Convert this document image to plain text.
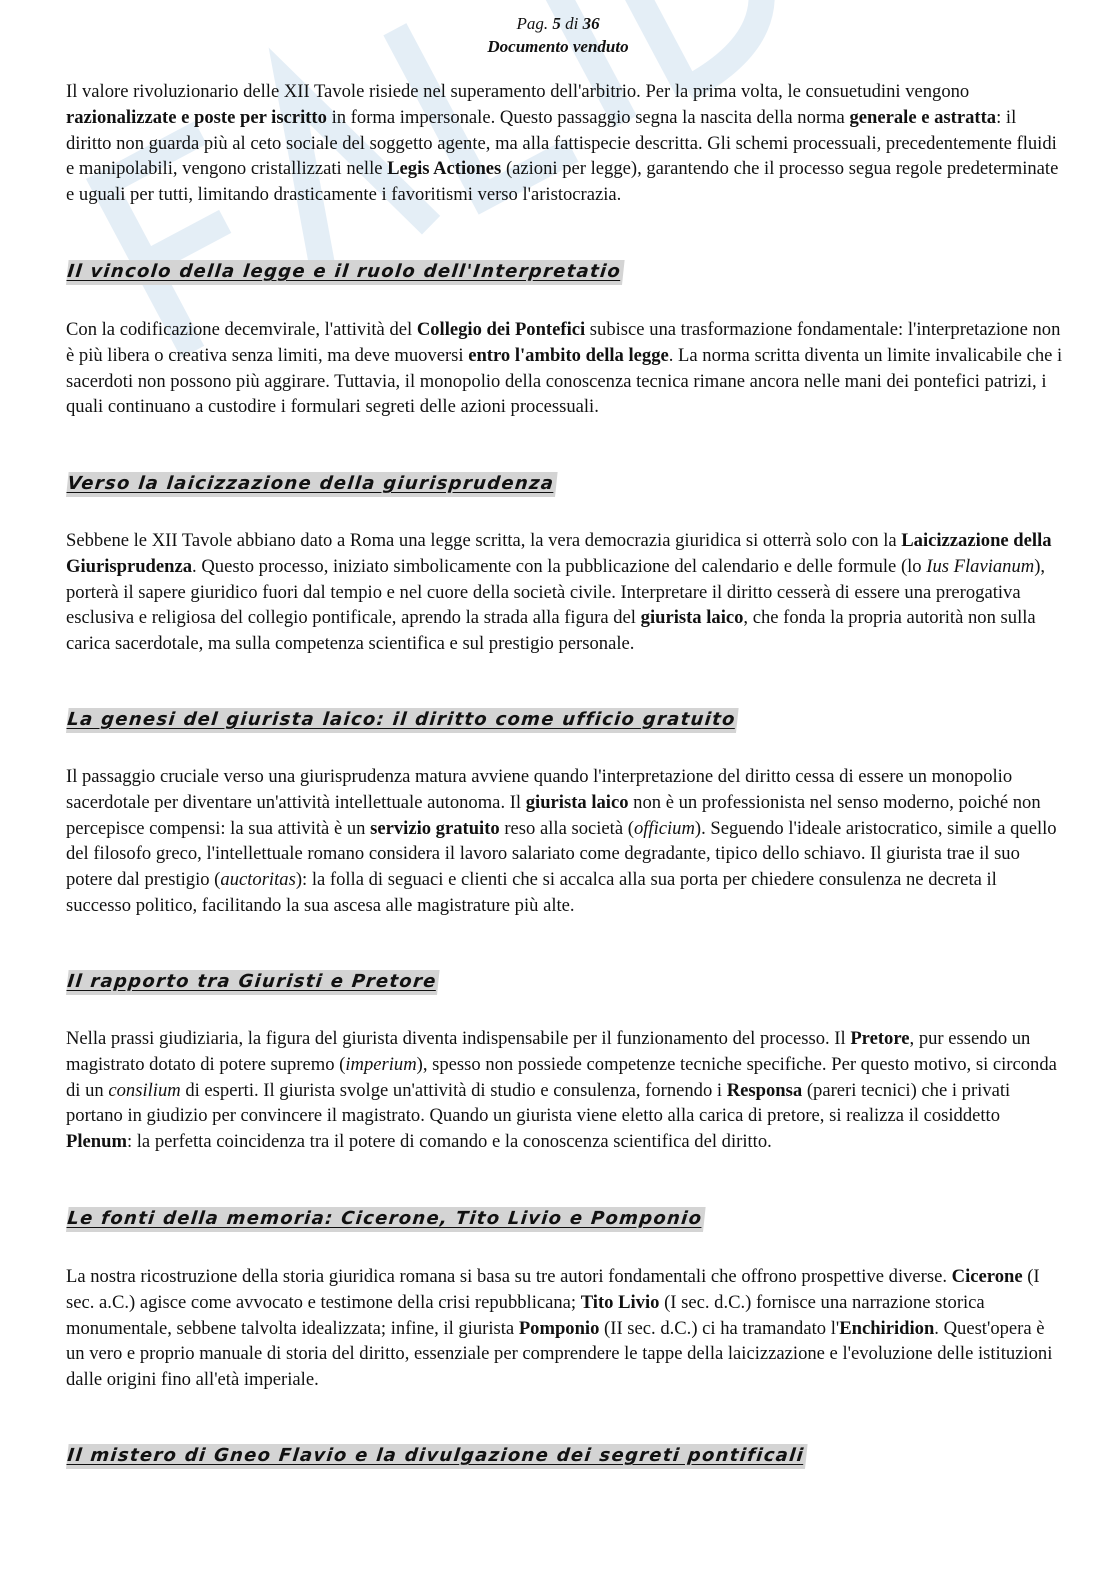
Pag. 5 di 36
Documento venduto

Il valore rivoluzionario delle XII Tavole risiede nel superamento dell'arbitrio. Per la prima volta, le consuetudini vengono razionalizzate e poste per iscritto in forma impersonale. Questo passaggio segna la nascita della norma generale e astratta: il diritto non guarda più al ceto sociale del soggetto agente, ma alla fattispecie descritta. Gli schemi processuali, precedentemente fluidi e manipolabili, vengono cristallizzati nelle Legis Actiones (azioni per legge), garantendo che il processo segua regole predeterminate e uguali per tutti, limitando drasticamente i favoritismi verso l'aristocrazia.

Il vincolo della legge e il ruolo dell'Interpretatio

Con la codificazione decemvirale, l'attività del Collegio dei Pontefici subisce una trasformazione fondamentale: l'interpretazione non è più libera o creativa senza limiti, ma deve muoversi entro l'ambito della legge. La norma scritta diventa un limite invalicabile che i sacerdoti non possono più aggirare. Tuttavia, il monopolio della conoscenza tecnica rimane ancora nelle mani dei pontefici patrizi, i quali continuano a custodire i formulari segreti delle azioni processuali.

Verso la laicizzazione della giurisprudenza

Sebbene le XII Tavole abbiano dato a Roma una legge scritta, la vera democrazia giuridica si otterrà solo con la Laicizzazione della Giurisprudenza. Questo processo, iniziato simbolicamente con la pubblicazione del calendario e delle formule (lo Ius Flavianum), porterà il sapere giuridico fuori dal tempio e nel cuore della società civile. Interpretare il diritto cesserà di essere una prerogativa esclusiva e religiosa del collegio pontificale, aprendo la strada alla figura del giurista laico, che fonda la propria autorità non sulla carica sacerdotale, ma sulla competenza scientifica e sul prestigio personale.

La genesi del giurista laico: il diritto come ufficio gratuito

Il passaggio cruciale verso una giurisprudenza matura avviene quando l'interpretazione del diritto cessa di essere un monopolio sacerdotale per diventare un'attività intellettuale autonoma. Il giurista laico non è un professionista nel senso moderno, poiché non percepisce compensi: la sua attività è un servizio gratuito reso alla società (officium). Seguendo l'ideale aristocratico, simile a quello del filosofo greco, l'intellettuale romano considera il lavoro salariato come degradante, tipico dello schiavo. Il giurista trae il suo potere dal prestigio (auctoritas): la folla di seguaci e clienti che si accalca alla sua porta per chiedere consulenza ne decreta il successo politico, facilitando la sua ascesa alle magistrature più alte.

Il rapporto tra Giuristi e Pretore

Nella prassi giudiziaria, la figura del giurista diventa indispensabile per il funzionamento del processo. Il Pretore, pur essendo un magistrato dotato di potere supremo (imperium), spesso non possiede competenze tecniche specifiche. Per questo motivo, si circonda di un consilium di esperti. Il giurista svolge un'attività di studio e consulenza, fornendo i Responsa (pareri tecnici) che i privati portano in giudizio per convincere il magistrato. Quando un giurista viene eletto alla carica di pretore, si realizza il cosiddetto Plenum: la perfetta coincidenza tra il potere di comando e la conoscenza scientifica del diritto.

Le fonti della memoria: Cicerone, Tito Livio e Pomponio

La nostra ricostruzione della storia giuridica romana si basa su tre autori fondamentali che offrono prospettive diverse. Cicerone (I sec. a.C.) agisce come avvocato e testimone della crisi repubblicana; Tito Livio (I sec. d.C.) fornisce una narrazione storica monumentale, sebbene talvolta idealizzata; infine, il giurista Pomponio (II sec. d.C.) ci ha tramandato l'Enchiridion. Quest'opera è un vero e proprio manuale di storia del diritto, essenziale per comprendere le tappe della laicizzazione e l'evoluzione delle istituzioni dalle origini fino all'età imperiale.

Il mistero di Gneo Flavio e la divulgazione dei segreti pontificali
